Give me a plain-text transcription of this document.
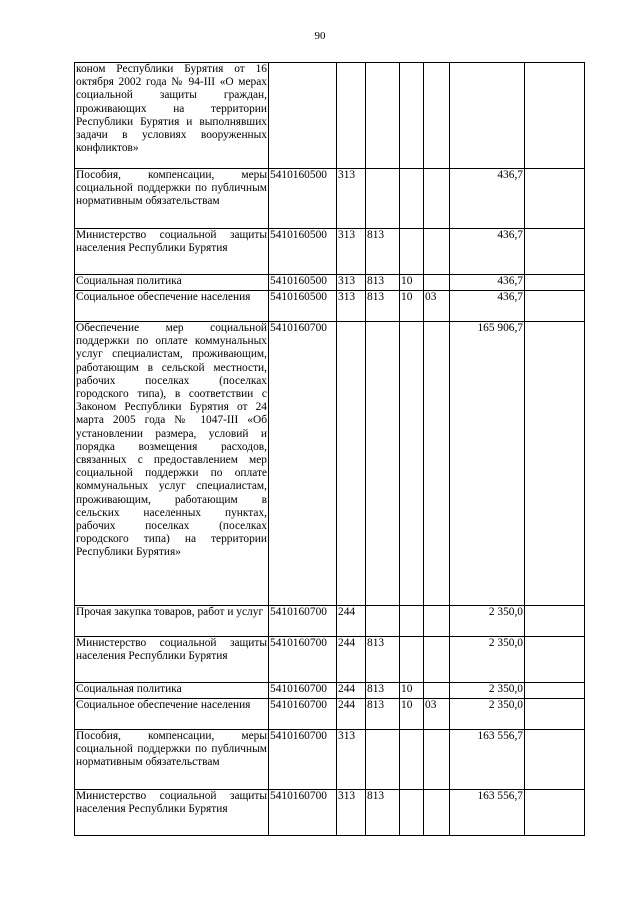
90
коном Республики Бурятия от 16 октября 2002 года № 94-III «О мерах социальной защиты граждан, проживающих на территории Республики Бурятия и выполнявших задачи в условиях вооруженных конфликтов»							
Пособия, компенсации, меры социальной поддержки по публичным нормативным обязательствам	5410160500	313				436,7	
Министерство социальной защиты населения Республики Бурятия	5410160500	313	813			436,7	
Социальная политика	5410160500	313	813	10		436,7	
Социальное обеспечение населения	5410160500	313	813	10	03	436,7	
Обеспечение мер социальной поддержки по оплате коммунальных услуг специалистам, проживающим, работающим в сельской местности, рабочих поселках (поселках городского типа), в соответствии с Законом Республики Бурятия от 24 марта 2005 года № 1047-III «Об установлении размера, условий и порядка возмещения расходов, связанных с предоставлением мер социальной поддержки по оплате коммунальных услуг специалистам, проживающим, работающим в сельских населенных пунктах, рабочих поселках (поселках городского типа) на территории Республики Бурятия»	5410160700					165 906,7	
Прочая закупка товаров, работ и услуг	5410160700	244				2 350,0	
Министерство социальной защиты населения Республики Бурятия	5410160700	244	813			2 350,0	
Социальная политика	5410160700	244	813	10		2 350,0	
Социальное обеспечение населения	5410160700	244	813	10	03	2 350,0	
Пособия, компенсации, меры социальной поддержки по публичным нормативным обязательствам	5410160700	313				163 556,7	
Министерство социальной защиты населения Республики Бурятия	5410160700	313	813			163 556,7	
